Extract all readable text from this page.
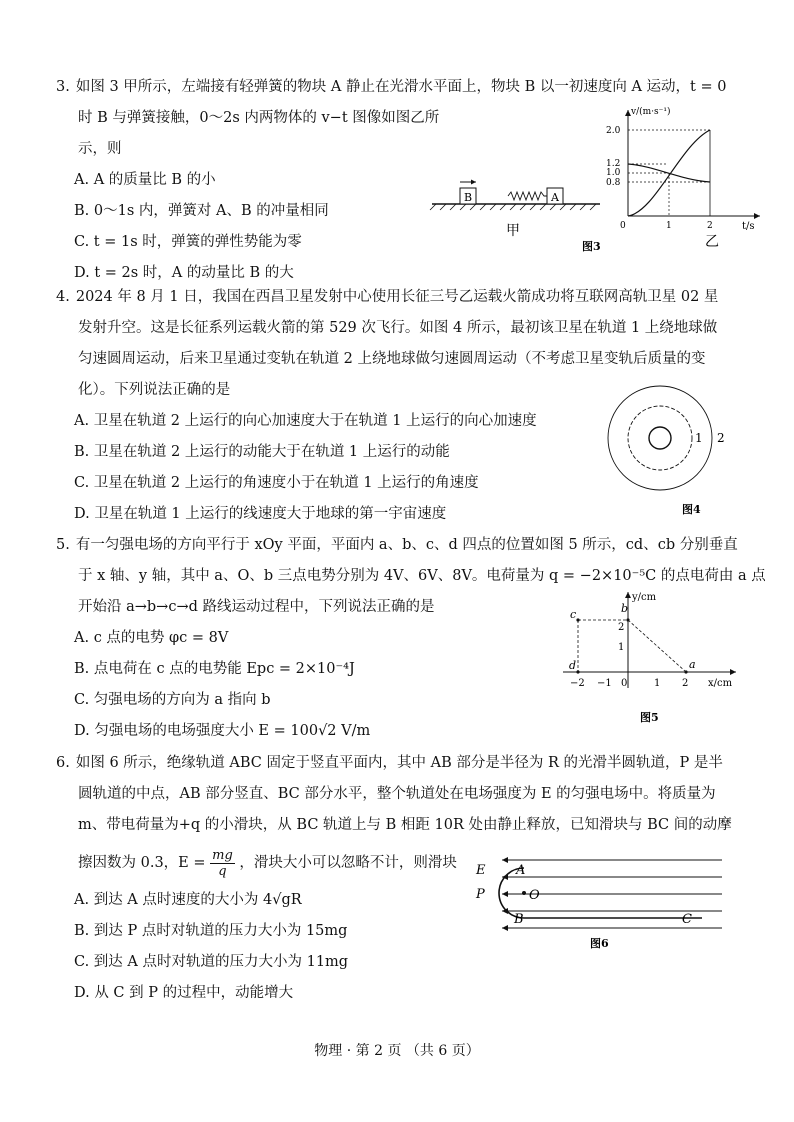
3. 如图 3 甲所示，左端接有轻弹簧的物块 A 静止在光滑水平面上，物块 B 以一初速度向 A 运动，t = 0
时 B 与弹簧接触，0～2s 内两物体的 v−t 图像如图乙所
示，则
A. A 的质量比 B 的小
B. 0～1s 内，弹簧对 A、B 的冲量相同
C. t = 1s 时，弹簧的弹性势能为零
D. t = 2s 时，A 的动量比 B 的大
B	A
甲
v/(m·s⁻¹)
t/s
2.0
1.2
1.0
0.8
0	1	2
乙
图3
4. 2024 年 8 月 1 日，我国在西昌卫星发射中心使用长征三号乙运载火箭成功将互联网高轨卫星 02 星
发射升空。这是长征系列运载火箭的第 529 次飞行。如图 4 所示，最初该卫星在轨道 1 上绕地球做
匀速圆周运动，后来卫星通过变轨在轨道 2 上绕地球做匀速圆周运动（不考虑卫星变轨后质量的变
化）。下列说法正确的是
A. 卫星在轨道 2 上运行的向心加速度大于在轨道 1 上运行的向心加速度
B. 卫星在轨道 2 上运行的动能大于在轨道 1 上运行的动能
C. 卫星在轨道 2 上运行的角速度小于在轨道 1 上运行的角速度
D. 卫星在轨道 1 上运行的线速度大于地球的第一宇宙速度
1 2
图4
5. 有一匀强电场的方向平行于 xOy 平面，平面内 a、b、c、d 四点的位置如图 5 所示，cd、cb 分别垂直
于 x 轴、y 轴，其中 a、O、b 三点电势分别为 4V、6V、8V。电荷量为 q = −2×10⁻⁵C 的点电荷由 a 点
开始沿 a→b→c→d 路线运动过程中，下列说法正确的是
A. c 点的电势 φc = 8V
B. 点电荷在 c 点的电势能 Epc = 2×10⁻⁴J
C. 匀强电场的方向为 a 指向 b
D. 匀强电场的电场强度大小 E = 100√2 V/m
y/cm
x/cm
c	b
d	a
2
1
−2 −1 0	1 2
图5
6. 如图 6 所示，绝缘轨道 ABC 固定于竖直平面内，其中 AB 部分是半径为 R 的光滑半圆轨道，P 是半
圆轨道的中点，AB 部分竖直、BC 部分水平，整个轨道处在电场强度为 E 的匀强电场中。将质量为
m、带电荷量为+q 的小滑块，从 BC 轨道上与 B 相距 10R 处由静止释放，已知滑块与 BC 间的动摩
擦因数为 0.3，$E = \frac{mg}{q}$ ，滑块大小可以忽略不计，则滑块
A. 到达 A 点时速度的大小为 4√gR
B. 到达 P 点时对轨道的压力大小为 15mg
C. 到达 A 点时对轨道的压力大小为 11mg
D. 从 C 到 P 的过程中，动能增大
E A
P	O
B	C
图6
物理 · 第 2 页 （共 6 页）
